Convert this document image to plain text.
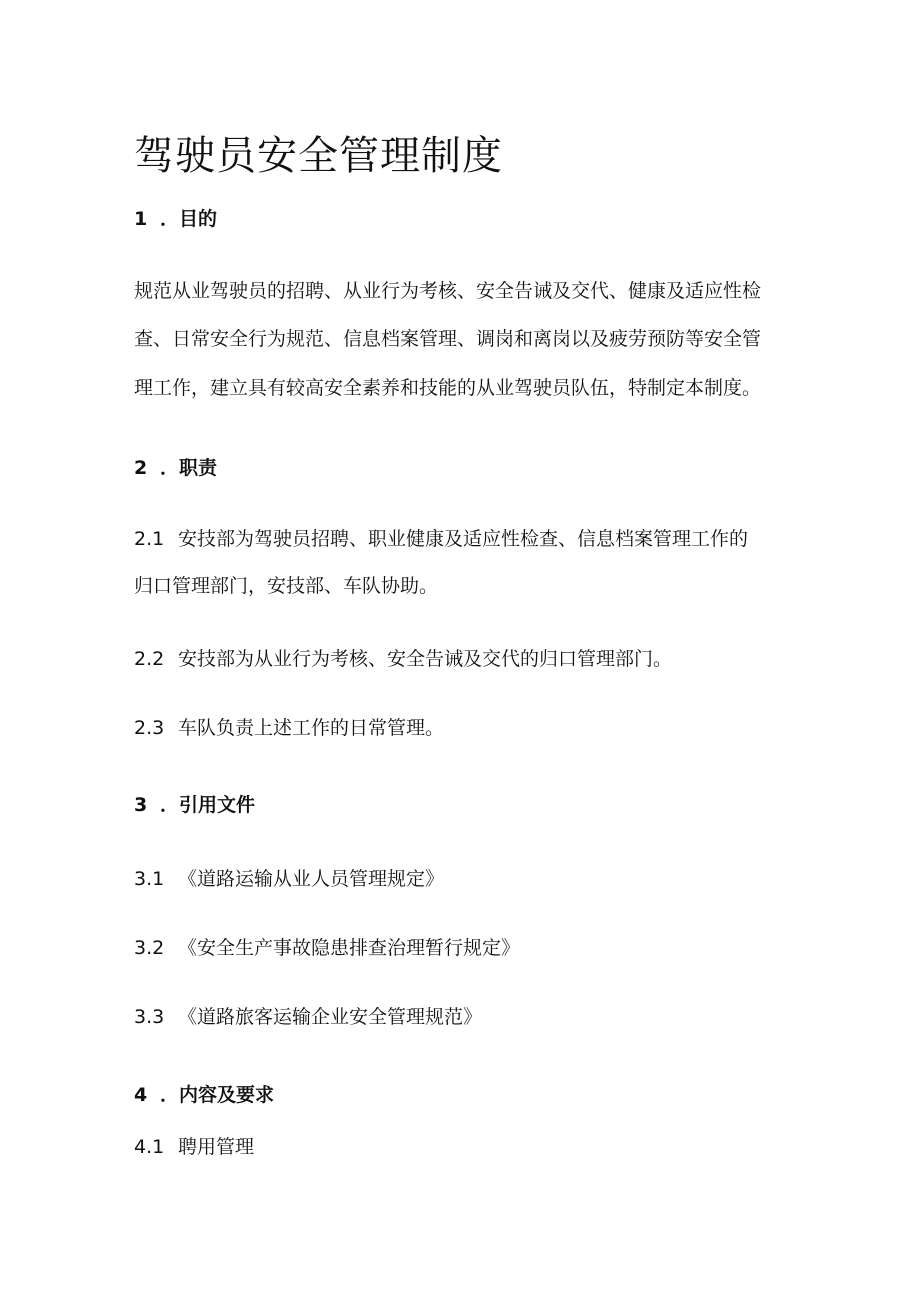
驾驶员安全管理制度

1 ．目的

规范从业驾驶员的招聘、从业行为考核、安全告诫及交代、健康及适应性检

查、日常安全行为规范、信息档案管理、调岗和离岗以及疲劳预防等安全管

理工作，建立具有较高安全素养和技能的从业驾驶员队伍，特制定本制度。

2 ．职责

2.1 安技部为驾驶员招聘、职业健康及适应性检查、信息档案管理工作的

归口管理部门，安技部、车队协助。

2.2 安技部为从业行为考核、安全告诫及交代的归口管理部门。

2.3 车队负责上述工作的日常管理。

3 ．引用文件

3.1 《道路运输从业人员管理规定》

3.2 《安全生产事故隐患排查治理暂行规定》

3.3 《道路旅客运输企业安全管理规范》

4 ．内容及要求

4.1 聘用管理
